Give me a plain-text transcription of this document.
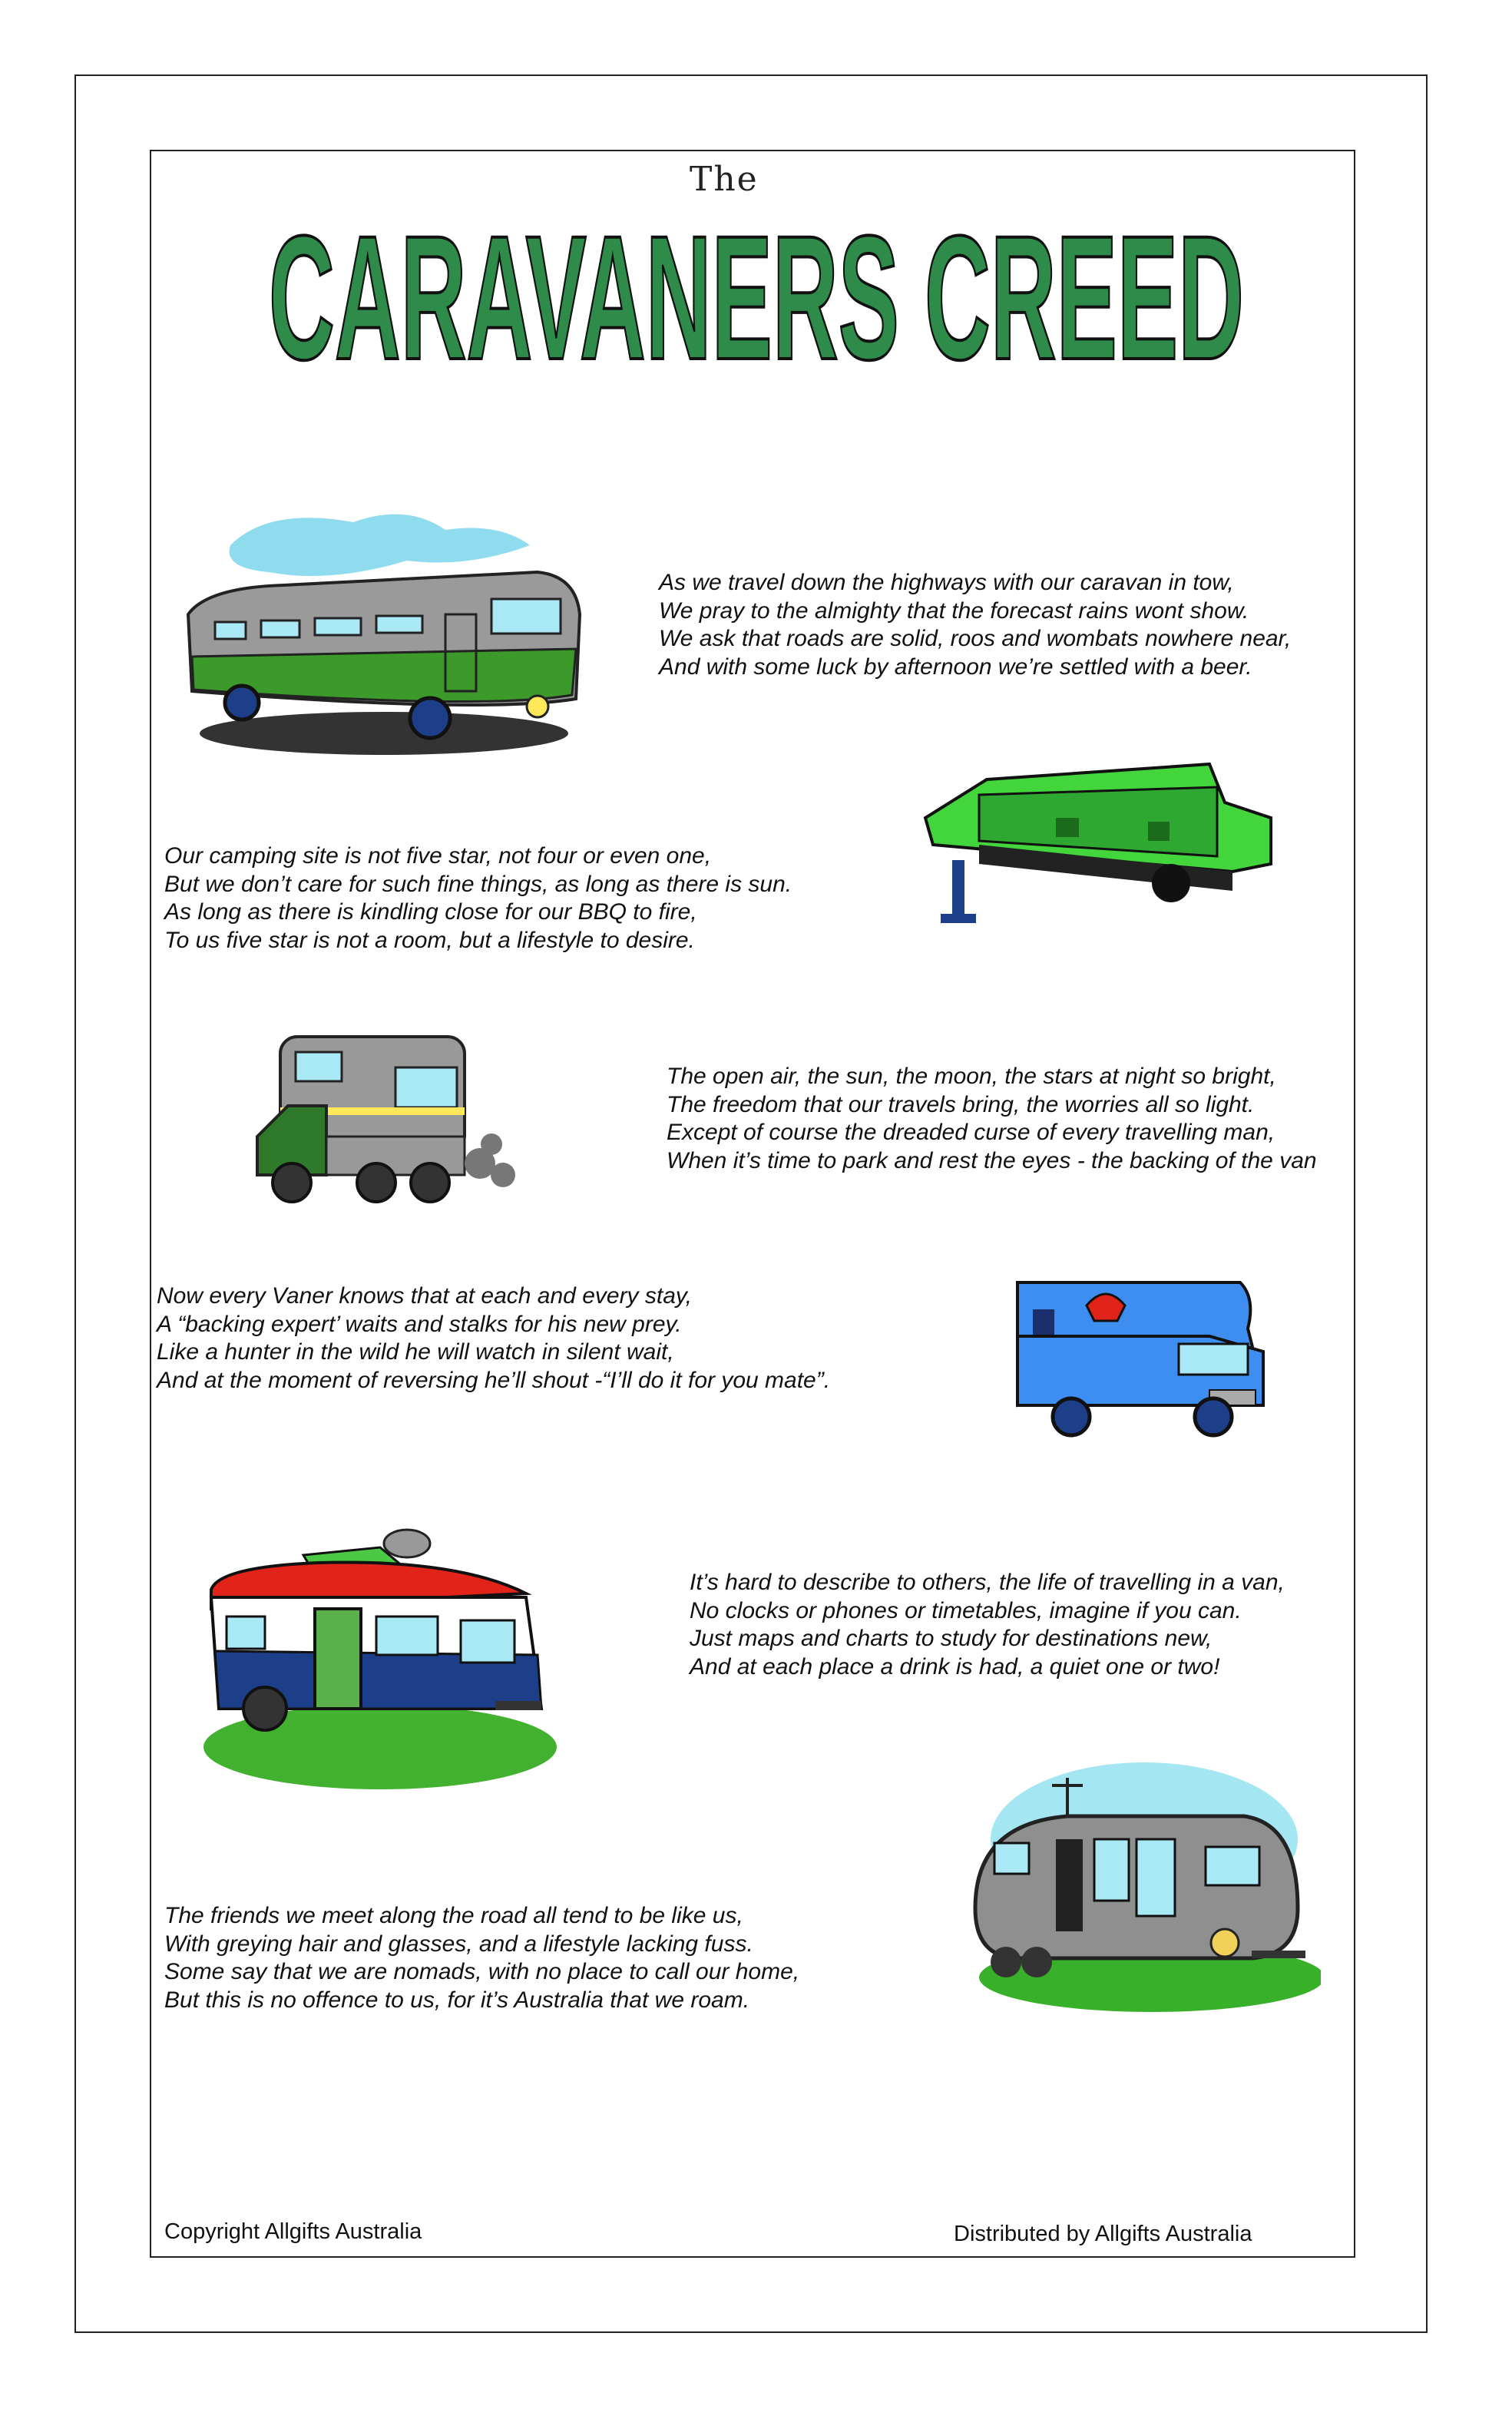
The
CARAVANERS CREED
As we travel down the highways with our caravan in tow,
We pray to the almighty that the forecast rains wont show.
We ask that roads are solid, roos and wombats nowhere near,
And with some luck by afternoon we’re settled with a beer.
Our camping site is not five star, not four or even one,
But we don’t care for such fine things, as long as there is sun.
As long as there is kindling close for our BBQ to fire,
To us five star is not a room, but a lifestyle to desire.
The open air, the sun, the moon, the stars at night so bright,
The freedom that our travels bring, the worries all so light.
Except of course the dreaded curse of every travelling man,
When it’s time to park and rest the eyes - the backing of the van
Now every Vaner knows that at each and every stay,
A “backing expert’ waits and stalks for his new prey.
Like a hunter in the wild he will watch in silent wait,
And at the moment of reversing he’ll shout -“I’ll do it for you mate”.
It’s hard to describe to others, the life of travelling in a van,
No clocks or phones or timetables, imagine if you can.
Just maps and charts to study for destinations new,
And at each place a drink is had, a quiet one or two!
The friends we meet along the road all tend to be like us,
With greying hair and glasses, and a lifestyle lacking fuss.
Some say that we are nomads, with no place to call our home,
But this is no offence to us, for it’s Australia that we roam.
Copyright Allgifts Australia	Distributed by Allgifts Australia
